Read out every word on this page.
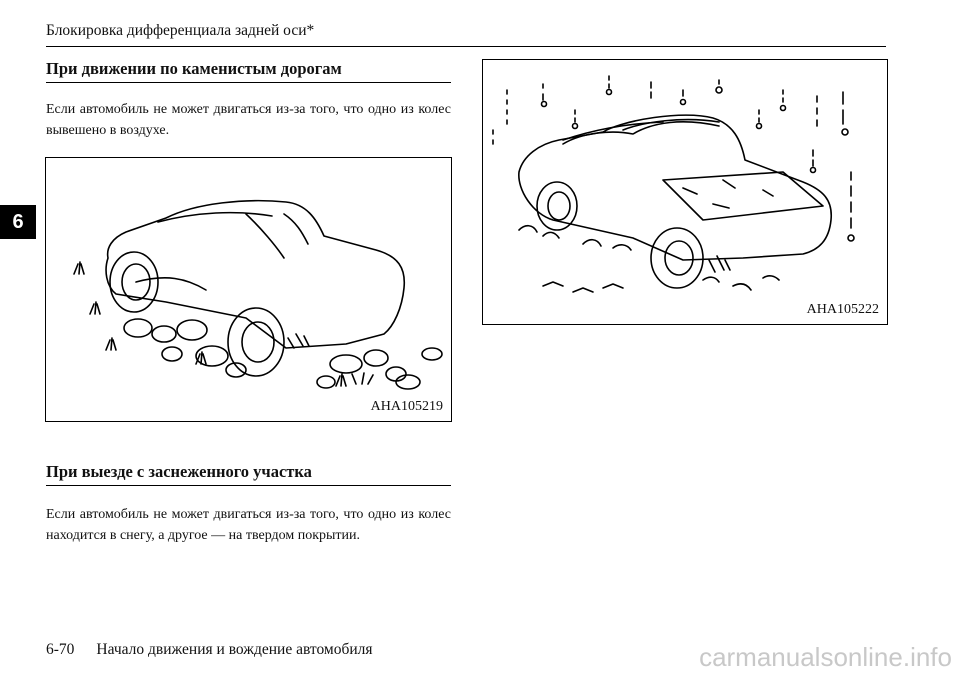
Блокировка дифференциала задней оси*
6
При движении по каменистым дорогам
Если автомобиль не может двигаться из-за того, что одно из колес вывешено в воздухе.
AHA105219
При выезде с заснеженного участка
Если автомобиль не может двигаться из-за того, что одно из колес находится в снегу, а другое — на твердом покрытии.
AHA105222
6-70 Начало движения и вождение автомобиля	carmanualsonline.info
